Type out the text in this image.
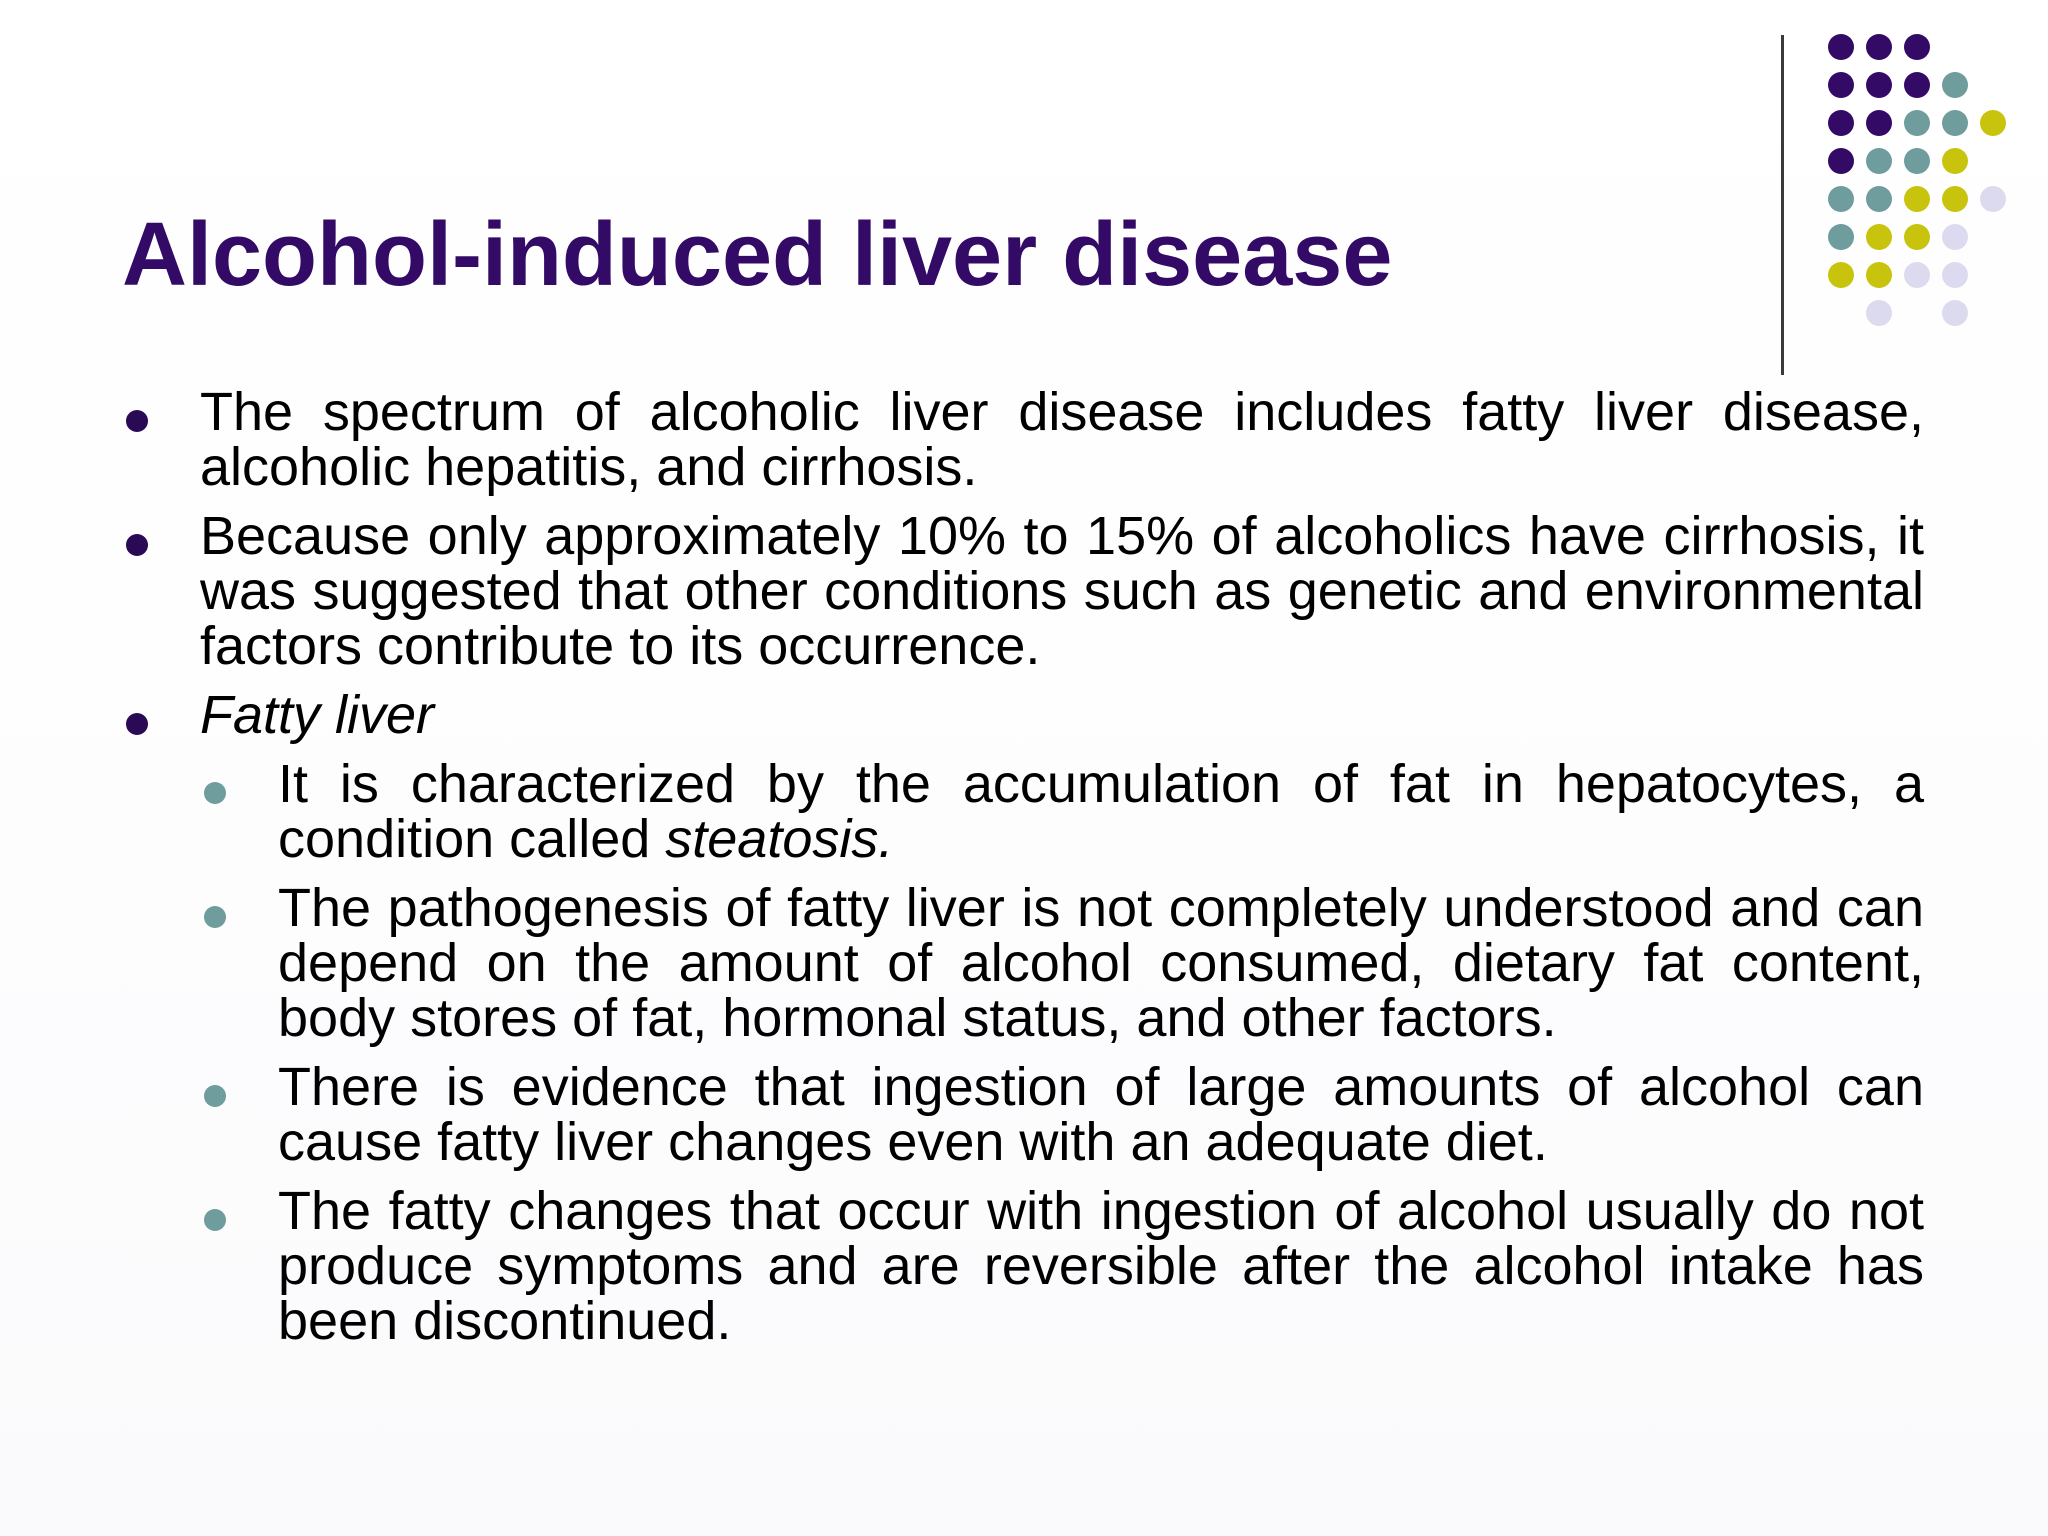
Alcohol-induced liver disease
The spectrum of alcoholic liver disease includes fatty liver disease, alcoholic hepatitis, and cirrhosis.
Because only approximately 10% to 15% of alcoholics have cirrhosis, it was suggested that other conditions such as genetic and environmental factors contribute to its occurrence.
Fatty liver
It is characterized by the accumulation of fat in hepatocytes, a condition called steatosis.
The pathogenesis of fatty liver is not completely understood and can depend on the amount of alcohol consumed, dietary fat content, body stores of fat, hormonal status, and other factors.
There is evidence that ingestion of large amounts of alcohol can cause fatty liver changes even with an adequate diet.
The fatty changes that occur with ingestion of alcohol usually do not produce symptoms and are reversible after the alcohol intake has been discontinued.
